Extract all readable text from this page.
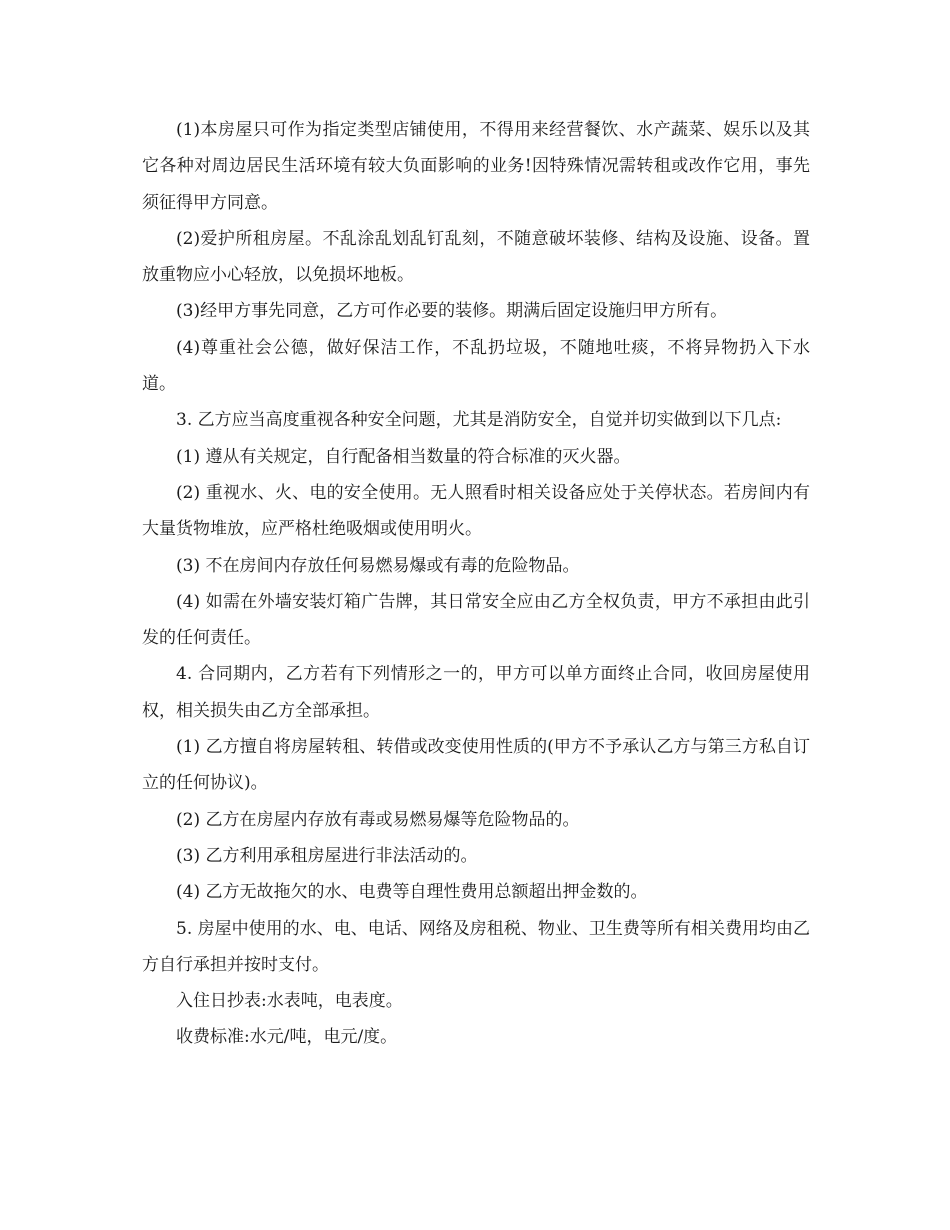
(1)本房屋只可作为指定类型店铺使用，不得用来经营餐饮、水产蔬菜、娱乐以及其它各种对周边居民生活环境有较大负面影响的业务!因特殊情况需转租或改作它用，事先须征得甲方同意。

(2)爱护所租房屋。不乱涂乱划乱钉乱刻，不随意破坏装修、结构及设施、设备。置放重物应小心轻放，以免损坏地板。

(3)经甲方事先同意，乙方可作必要的装修。期满后固定设施归甲方所有。

(4)尊重社会公德，做好保洁工作，不乱扔垃圾，不随地吐痰，不将异物扔入下水道。

3. 乙方应当高度重视各种安全问题，尤其是消防安全，自觉并切实做到以下几点:

(1) 遵从有关规定，自行配备相当数量的符合标准的灭火器。

(2) 重视水、火、电的安全使用。无人照看时相关设备应处于关停状态。若房间内有大量货物堆放，应严格杜绝吸烟或使用明火。

(3) 不在房间内存放任何易燃易爆或有毒的危险物品。

(4) 如需在外墙安装灯箱广告牌，其日常安全应由乙方全权负责，甲方不承担由此引发的任何责任。

4. 合同期内，乙方若有下列情形之一的，甲方可以单方面终止合同，收回房屋使用权，相关损失由乙方全部承担。

(1) 乙方擅自将房屋转租、转借或改变使用性质的(甲方不予承认乙方与第三方私自订立的任何协议)。

(2) 乙方在房屋内存放有毒或易燃易爆等危险物品的。

(3) 乙方利用承租房屋进行非法活动的。

(4) 乙方无故拖欠的水、电费等自理性费用总额超出押金数的。

5. 房屋中使用的水、电、电话、网络及房租税、物业、卫生费等所有相关费用均由乙方自行承担并按时支付。

入住日抄表:水表吨，电表度。

收费标准:水元/吨，电元/度。
